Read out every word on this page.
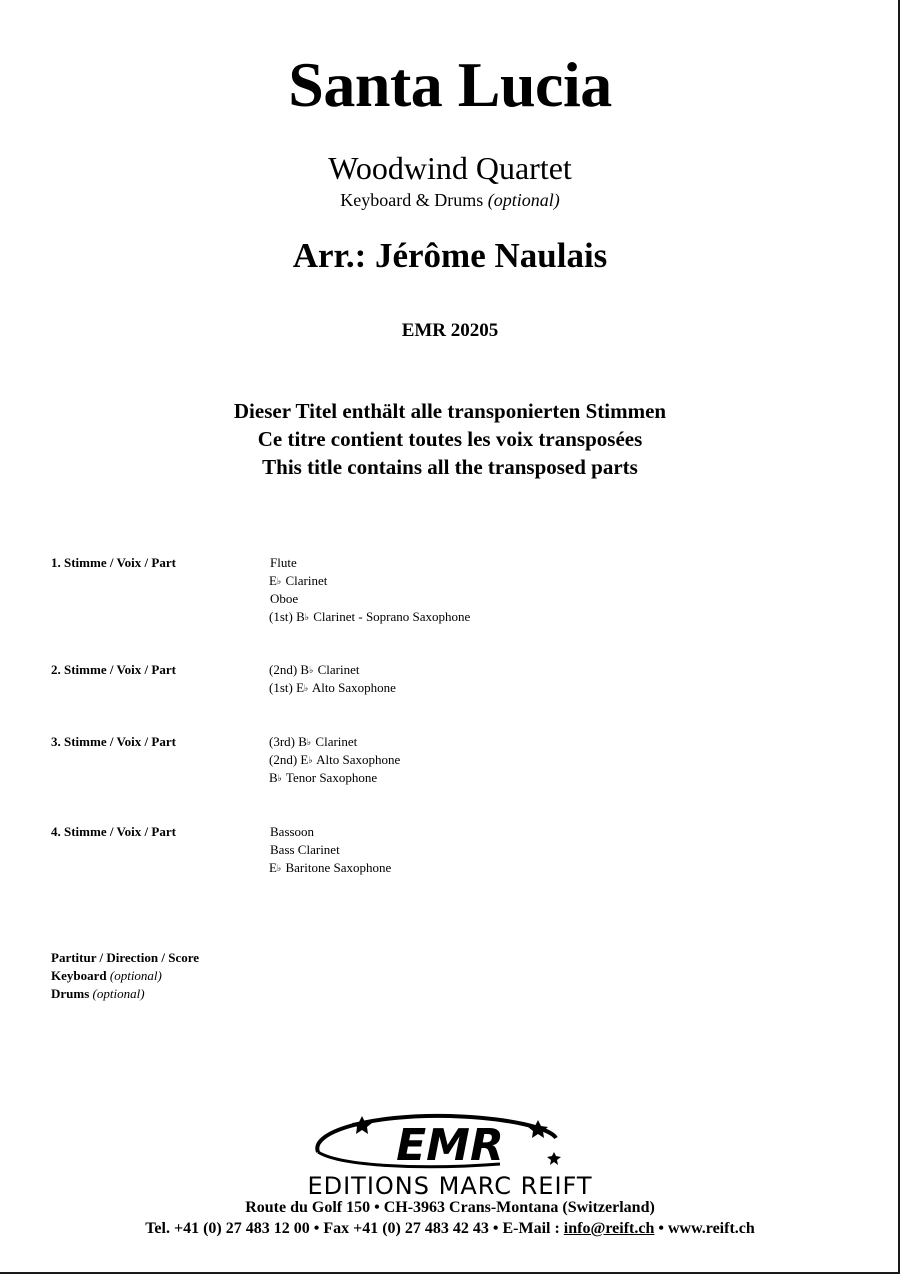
Santa Lucia
Woodwind Quartet
Keyboard & Drums (optional)
Arr.: Jérôme Naulais
EMR 20205
Dieser Titel enthält alle transponierten Stimmen
Ce titre contient toutes les voix transposées
This title contains all the transposed parts
1. Stimme / Voix / Part	Flute
E♭ Clarinet
Oboe
(1st) B♭ Clarinet - Soprano Saxophone
2. Stimme / Voix / Part	(2nd) B♭ Clarinet
(1st) E♭ Alto Saxophone
3. Stimme / Voix / Part	(3rd) B♭ Clarinet
(2nd) E♭ Alto Saxophone
B♭ Tenor Saxophone
4. Stimme / Voix / Part	Bassoon
Bass Clarinet
E♭ Baritone Saxophone
Partitur / Direction / Score
Keyboard (optional)
Drums (optional)
EMR
EDITIONS MARC REIFT
Route du Golf 150 • CH-3963 Crans-Montana (Switzerland)
Tel. +41 (0) 27 483 12 00 • Fax +41 (0) 27 483 42 43 • E-Mail : info@reift.ch • www.reift.ch
